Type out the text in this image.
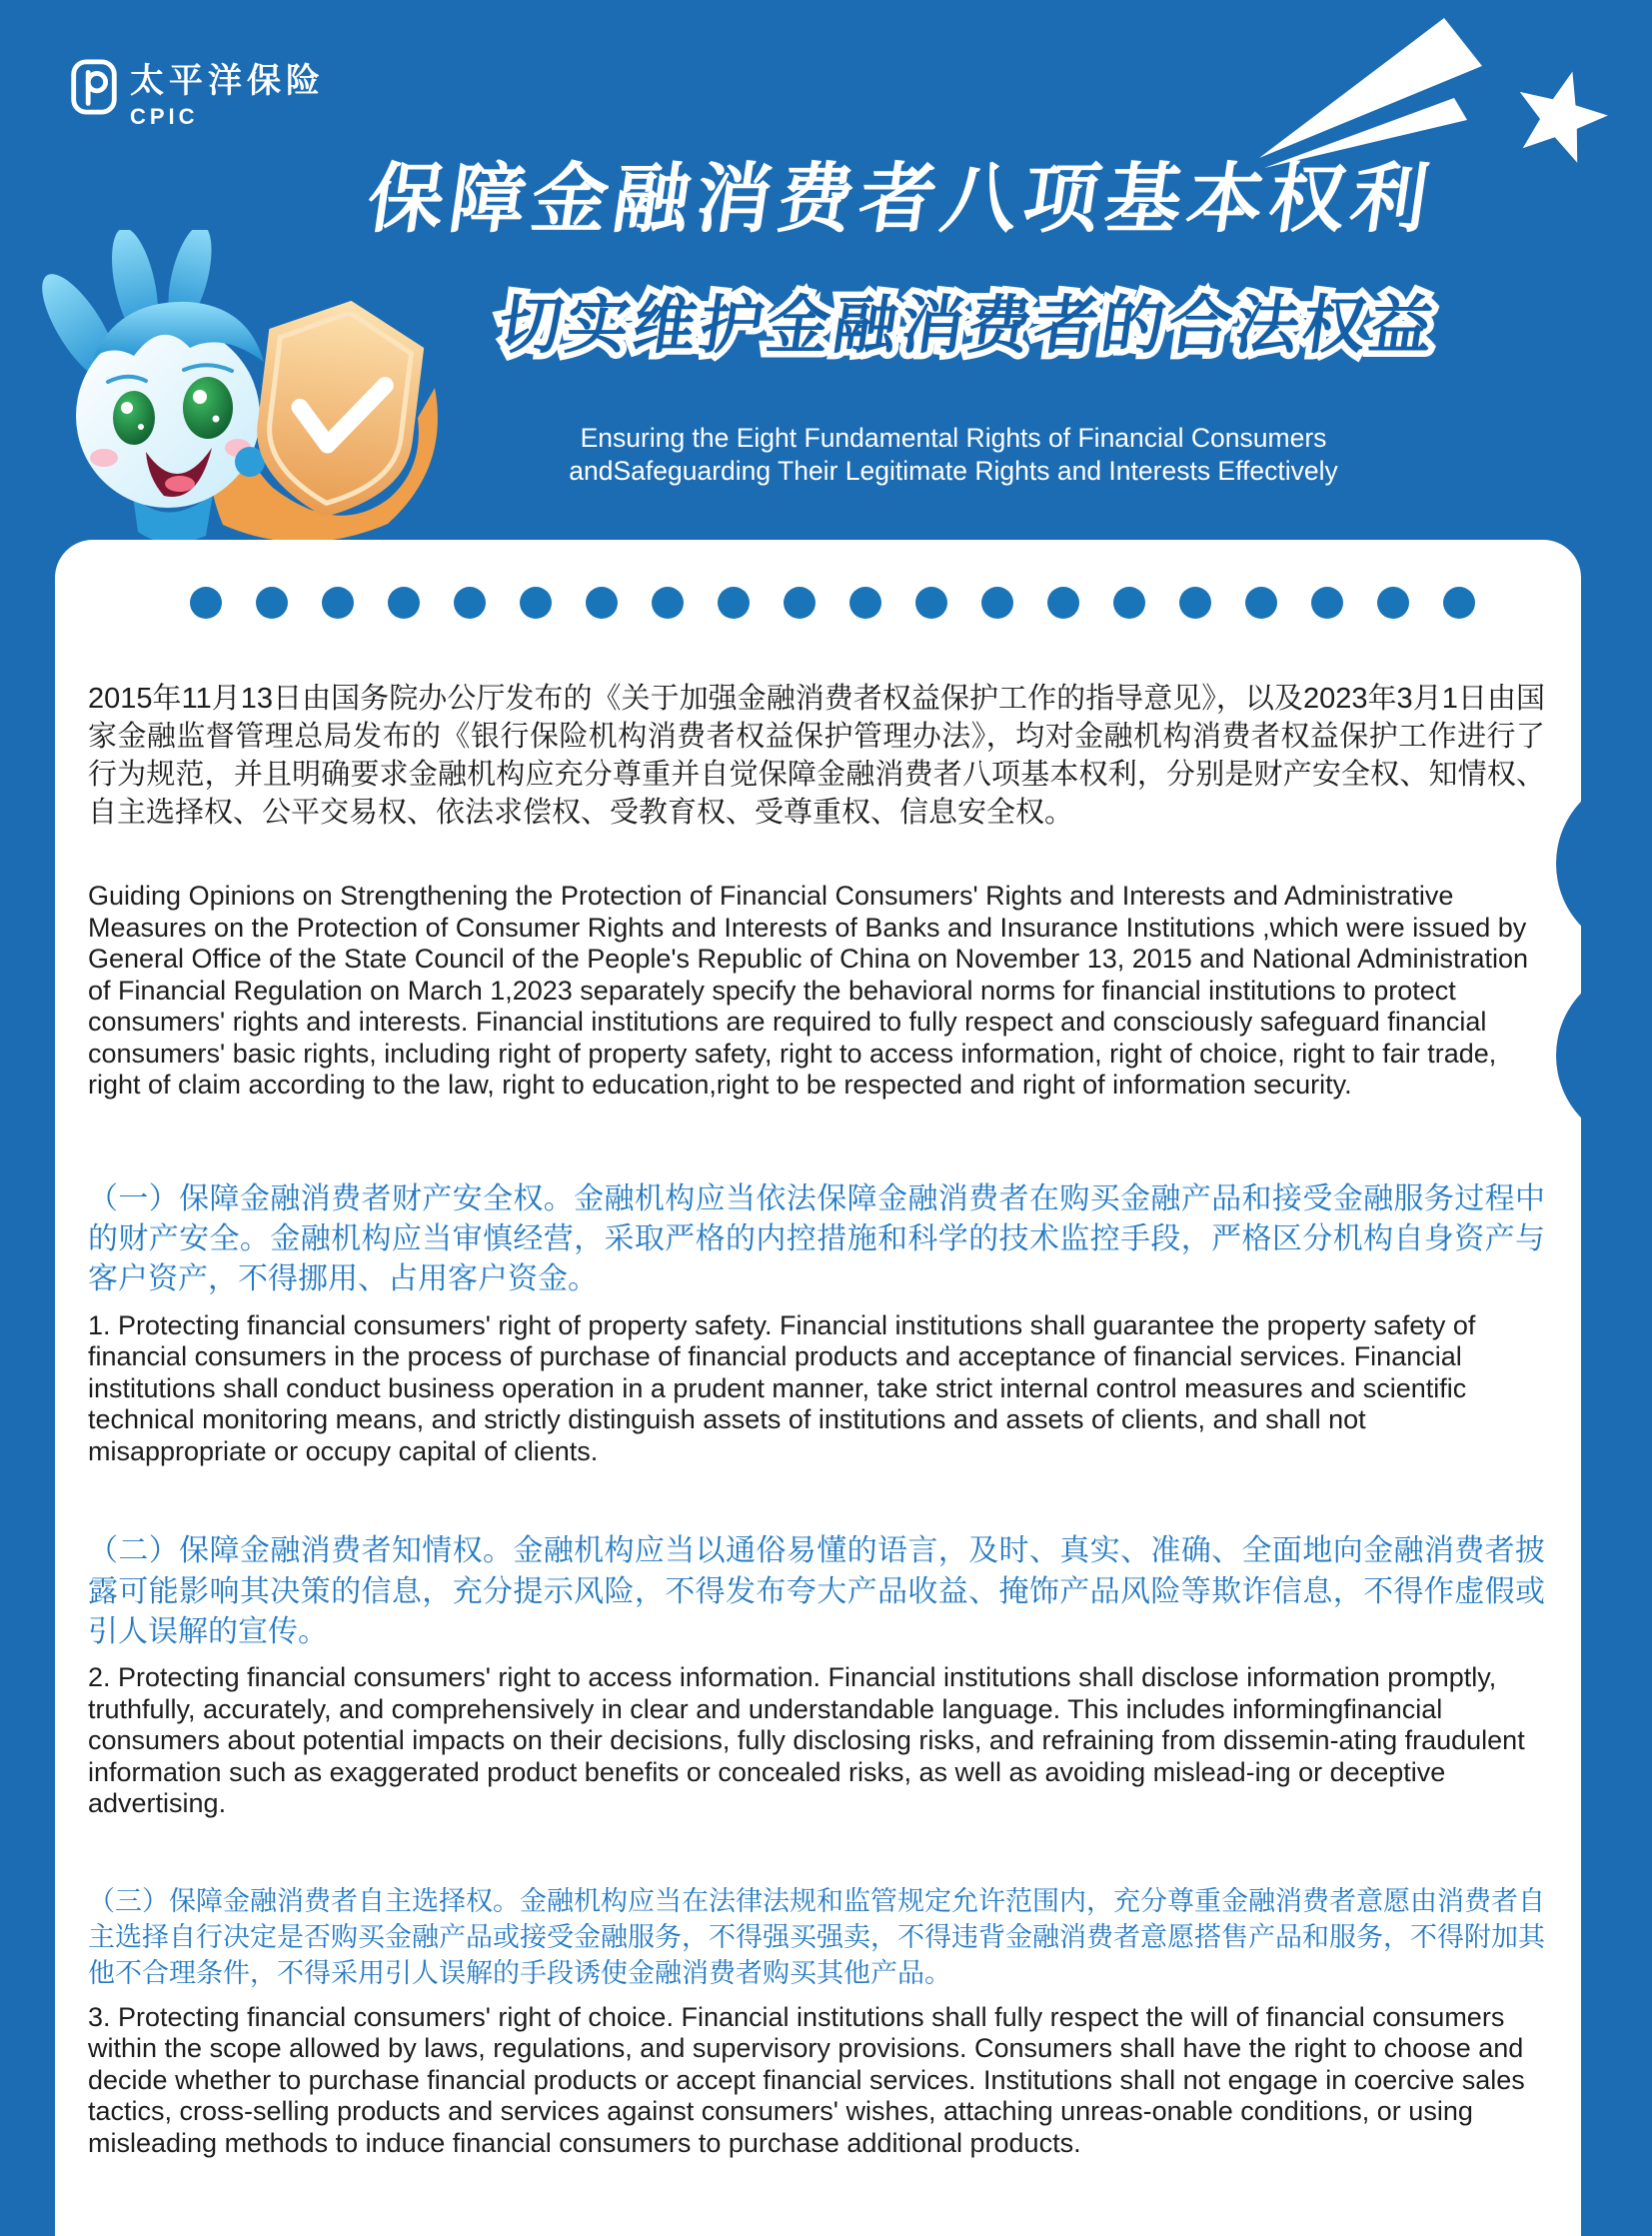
太平洋保险
CPIC
保障金融消费者八项基本权利
切实维护金融消费者的合法权益 切实维护金融消费者的合法权益
Ensuring the Eight Fundamental Rights of Financial Consumers
andSafeguarding Their Legitimate Rights and Interests Effectively

2015年11月13日由国务院办公厅发布的《关于加强金融消费者权益保护工作的指导意见》，以及2023年3月1日由国家金融监督管理总局发布的《银行保险机构消费者权益保护管理办法》，均对金融机构消费者权益保护工作进行了行为规范，并且明确要求金融机构应充分尊重并自觉保障金融消费者八项基本权利，分别是财产安全权、知情权、自主选择权、公平交易权、依法求偿权、受教育权、受尊重权、信息安全权。

Guiding Opinions on Strengthening the Protection of Financial Consumers' Rights and Interests and Administrative Measures on the Protection of Consumer Rights and Interests of Banks and Insurance Institutions ,which were issued by General Office of the State Council of the People's Republic of China on November 13, 2015 and National Administration of Financial Regulation on March 1,2023 separately specify the behavioral norms for financial institutions to protect consumers' rights and interests. Financial institutions are required to fully respect and consciously safeguard financial consumers' basic rights, including right of property safety, right to access information, right of choice, right to fair trade, right of claim according to the law, right to education,right to be respected and right of information security.

（一）保障金融消费者财产安全权。金融机构应当依法保障金融消费者在购买金融产品和接受金融服务过程中的财产安全。金融机构应当审慎经营，采取严格的内控措施和科学的技术监控手段，严格区分机构自身资产与客户资产，不得挪用、占用客户资金。
1. Protecting financial consumers' right of property safety. Financial institutions shall guarantee the property safety of financial consumers in the process of purchase of financial products and acceptance of financial services. Financial institutions shall conduct business operation in a prudent manner, take strict internal control measures and scientific technical monitoring means, and strictly distinguish assets of institutions and assets of clients, and shall not misappropriate or occupy capital of clients.
（二）保障金融消费者知情权。金融机构应当以通俗易懂的语言，及时、真实、准确、全面地向金融消费者披露可能影响其决策的信息，充分提示风险，不得发布夸大产品收益、掩饰产品风险等欺诈信息，不得作虚假或引人误解的宣传。
2. Protecting financial consumers' right to access information. Financial institutions shall disclose information promptly, truthfully, accurately, and comprehensively in clear and understandable language. This includes informingfinancial consumers about potential impacts on their decisions, fully disclosing risks, and refraining from dissemin-ating fraudulent information such as exaggerated product benefits or concealed risks, as well as avoiding mislead-ing or deceptive advertising.
（三）保障金融消费者自主选择权。金融机构应当在法律法规和监管规定允许范围内，充分尊重金融消费者意愿由消费者自主选择自行决定是否购买金融产品或接受金融服务，不得强买强卖，不得违背金融消费者意愿搭售产品和服务，不得附加其他不合理条件，不得采用引人误解的手段诱使金融消费者购买其他产品。
3. Protecting financial consumers' right of choice. Financial institutions shall fully respect the will of financial consumers within the scope allowed by laws, regulations, and supervisory provisions. Consumers shall have the right to choose and decide whether to purchase financial products or accept financial services. Institutions shall not engage in coercive sales tactics, cross-selling products and services against consumers' wishes, attaching unreas-onable conditions, or using misleading methods to induce financial consumers to purchase additional products.
